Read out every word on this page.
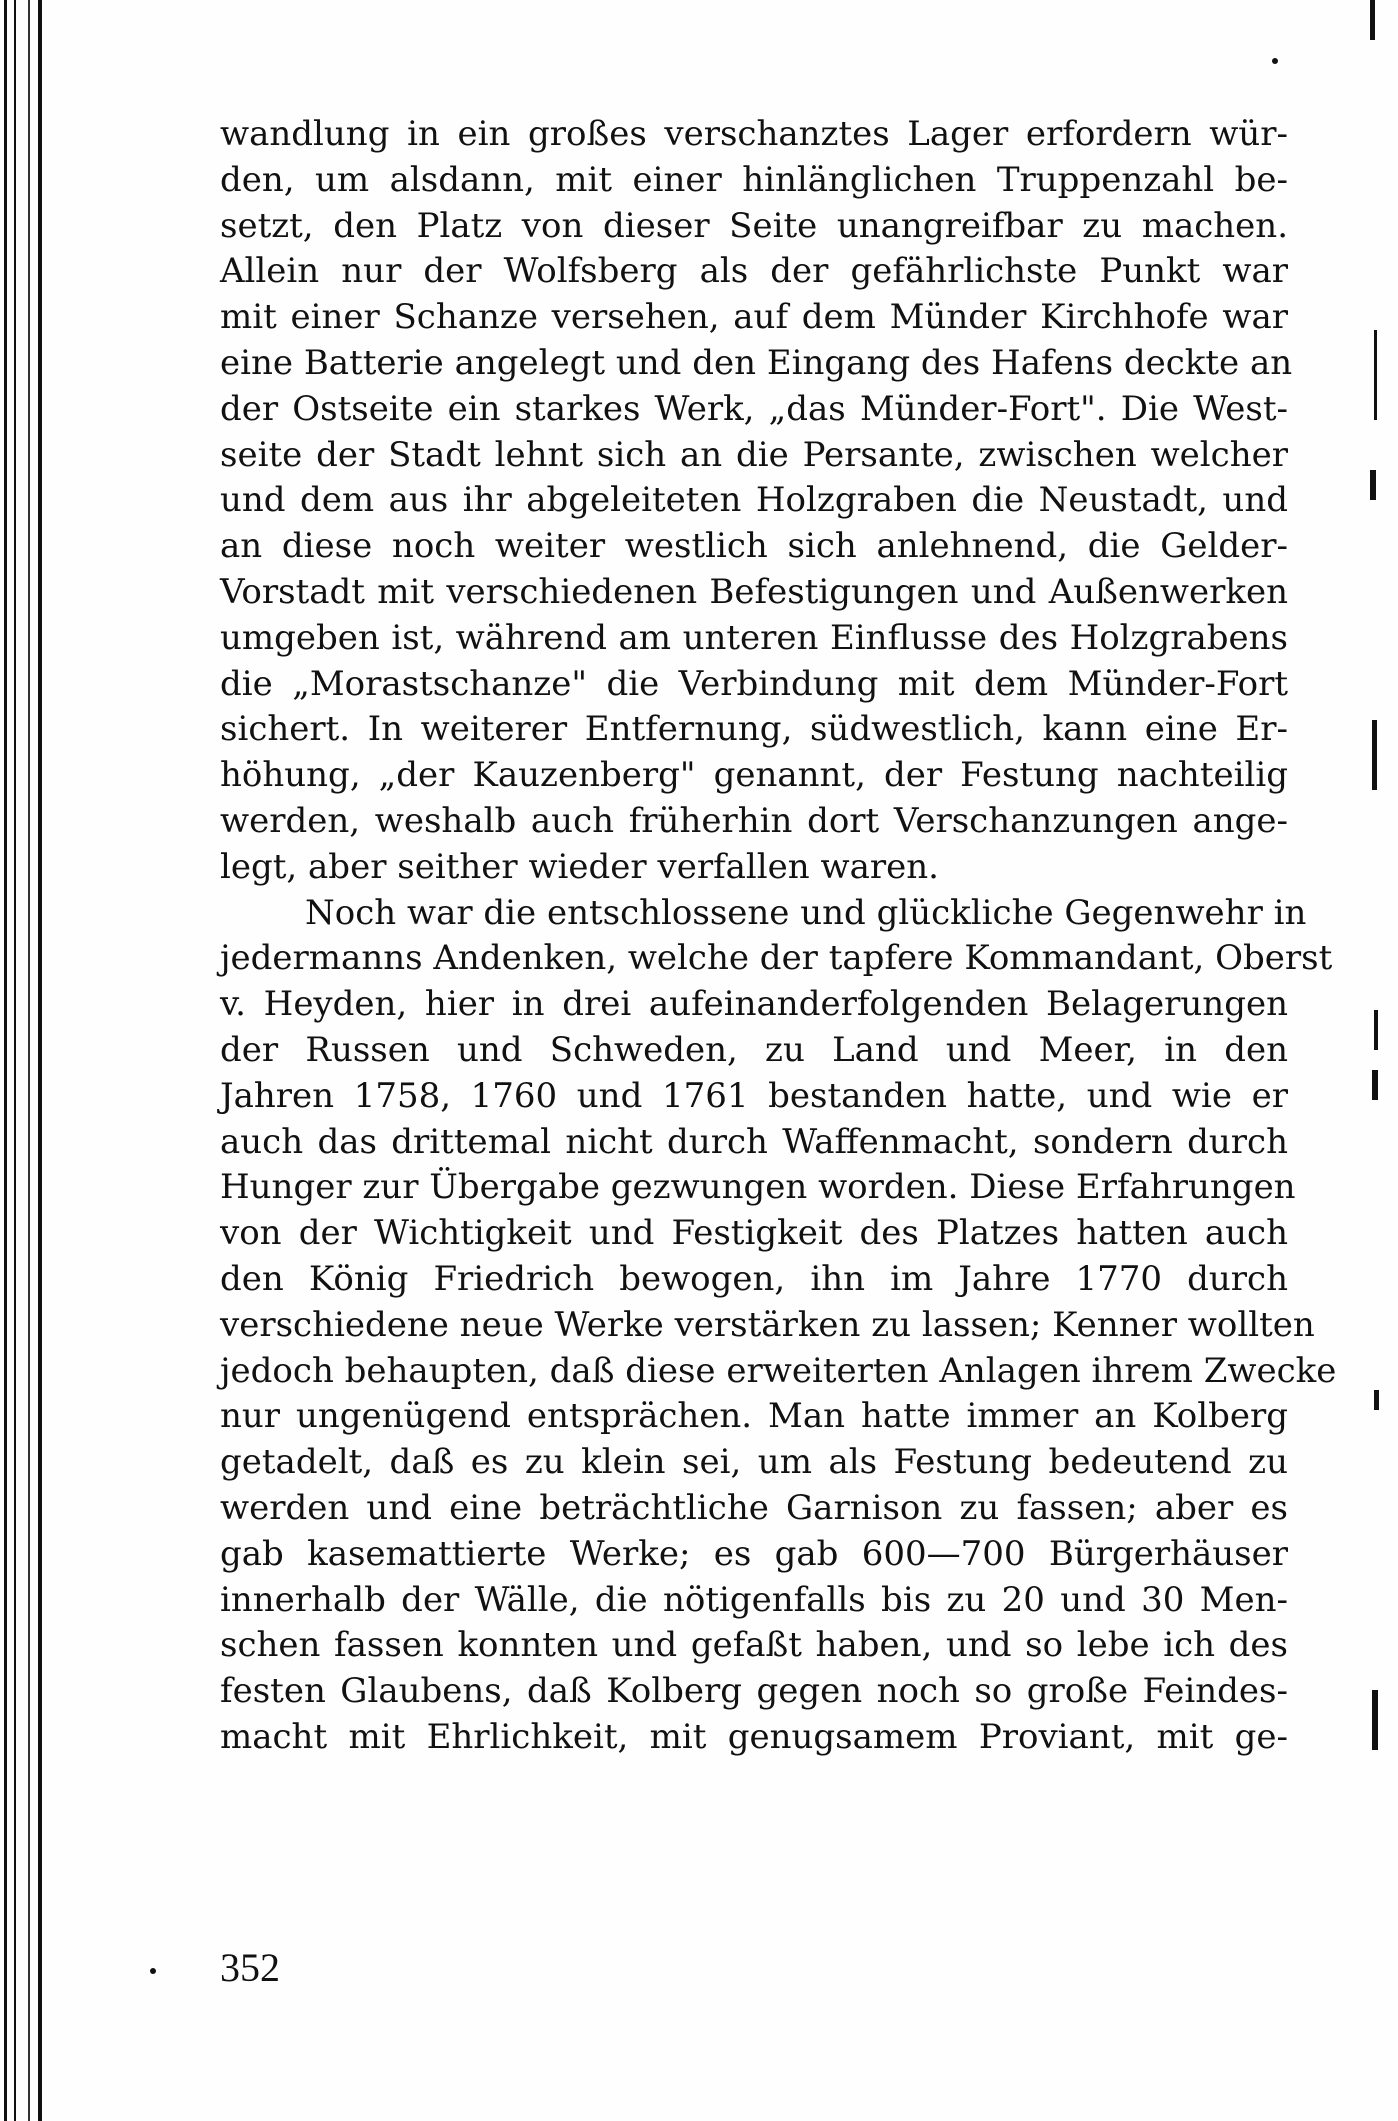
wandlung in ein großes verschanztes Lager erfordern wür-
den, um alsdann, mit einer hinlänglichen Truppenzahl be-
setzt, den Platz von dieser Seite unangreifbar zu machen.
Allein nur der Wolfsberg als der gefährlichste Punkt war
mit einer Schanze versehen, auf dem Münder Kirchhofe war
eine Batterie angelegt und den Eingang des Hafens deckte an
der Ostseite ein starkes Werk, „das Münder-Fort". Die West-
seite der Stadt lehnt sich an die Persante, zwischen welcher
und dem aus ihr abgeleiteten Holzgraben die Neustadt, und
an diese noch weiter westlich sich anlehnend, die Gelder-
Vorstadt mit verschiedenen Befestigungen und Außenwerken
umgeben ist, während am unteren Einflusse des Holzgrabens
die „Morastschanze" die Verbindung mit dem Münder-Fort
sichert. In weiterer Entfernung, südwestlich, kann eine Er-
höhung, „der Kauzenberg" genannt, der Festung nachteilig
werden, weshalb auch früherhin dort Verschanzungen ange-
legt, aber seither wieder verfallen waren.
Noch war die entschlossene und glückliche Gegenwehr in
jedermanns Andenken, welche der tapfere Kommandant, Oberst
v. Heyden, hier in drei aufeinanderfolgenden Belagerungen
der Russen und Schweden, zu Land und Meer, in den
Jahren 1758, 1760 und 1761 bestanden hatte, und wie er
auch das drittemal nicht durch Waffenmacht, sondern durch
Hunger zur Übergabe gezwungen worden. Diese Erfahrungen
von der Wichtigkeit und Festigkeit des Platzes hatten auch
den König Friedrich bewogen, ihn im Jahre 1770 durch
verschiedene neue Werke verstärken zu lassen; Kenner wollten
jedoch behaupten, daß diese erweiterten Anlagen ihrem Zwecke
nur ungenügend entsprächen. Man hatte immer an Kolberg
getadelt, daß es zu klein sei, um als Festung bedeutend zu
werden und eine beträchtliche Garnison zu fassen; aber es
gab kasemattierte Werke; es gab 600—700 Bürgerhäuser
innerhalb der Wälle, die nötigenfalls bis zu 20 und 30 Men-
schen fassen konnten und gefaßt haben, und so lebe ich des
festen Glaubens, daß Kolberg gegen noch so große Feindes-
macht mit Ehrlichkeit, mit genugsamem Proviant, mit ge-
352
